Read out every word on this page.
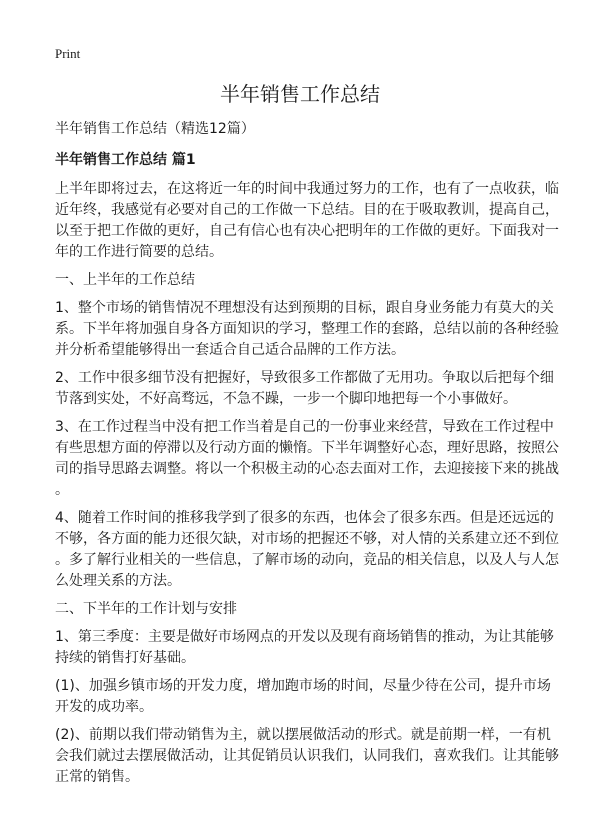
Print
半年销售工作总结
半年销售工作总结（精选12篇）
半年销售工作总结 篇1
上半年即将过去，在这将近一年的时间中我通过努力的工作，也有了一点收获，临
近年终，我感觉有必要对自己的工作做一下总结。目的在于吸取教训，提高自己，
以至于把工作做的更好，自己有信心也有决心把明年的工作做的更好。下面我对一
年的工作进行简要的总结。
一、上半年的工作总结
1、整个市场的销售情况不理想没有达到预期的目标，跟自身业务能力有莫大的关
系。下半年将加强自身各方面知识的学习，整理工作的套路，总结以前的各种经验
并分析希望能够得出一套适合自己适合品牌的工作方法。
2、工作中很多细节没有把握好，导致很多工作都做了无用功。争取以后把每个细
节落到实处，不好高骛远，不急不躁，一步一个脚印地把每一个小事做好。
3、在工作过程当中没有把工作当着是自己的一份事业来经营，导致在工作过程中
有些思想方面的停滞以及行动方面的懒惰。下半年调整好心态，理好思路，按照公
司的指导思路去调整。将以一个积极主动的心态去面对工作，去迎接接下来的挑战
。
4、随着工作时间的推移我学到了很多的东西，也体会了很多东西。但是还远远的
不够，各方面的能力还很欠缺，对市场的把握还不够，对人情的关系建立还不到位
。多了解行业相关的一些信息，了解市场的动向，竞品的相关信息，以及人与人怎
么处理关系的方法。
二、下半年的工作计划与安排
1、第三季度：主要是做好市场网点的开发以及现有商场销售的推动，为让其能够
持续的销售打好基础。
(1)、加强乡镇市场的开发力度，增加跑市场的时间，尽量少待在公司，提升市场
开发的成功率。
(2)、前期以我们带动销售为主，就以摆展做活动的形式。就是前期一样，一有机
会我们就过去摆展做活动，让其促销员认识我们，认同我们，喜欢我们。让其能够
正常的销售。
